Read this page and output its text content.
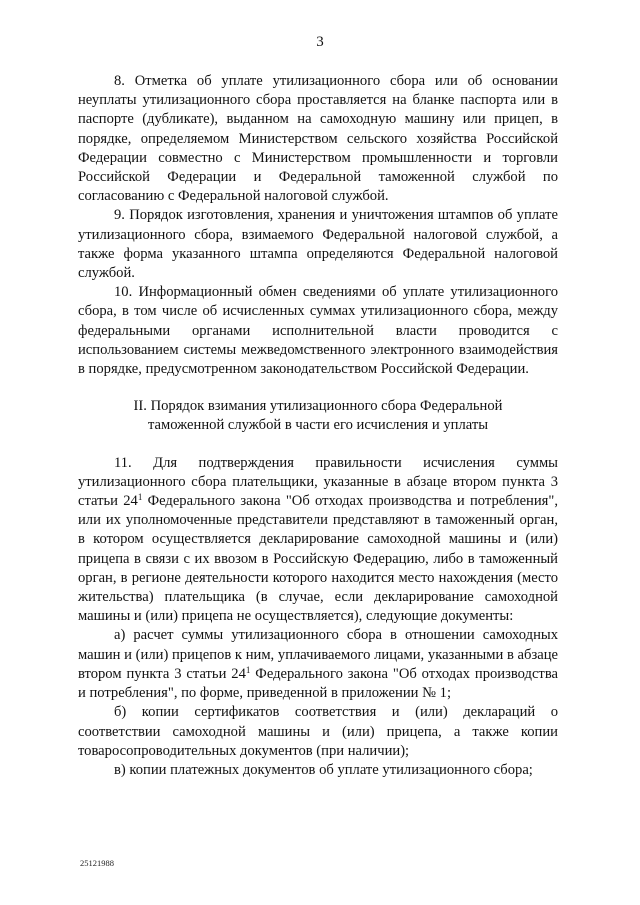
3

8. Отметка об уплате утилизационного сбора или об основании неуплаты утилизационного сбора проставляется на бланке паспорта или в паспорте (дубликате), выданном на самоходную машину или прицеп, в порядке, определяемом Министерством сельского хозяйства Российской Федерации совместно с Министерством промышленности и торговли Российской Федерации и Федеральной таможенной службой по согласованию с Федеральной налоговой службой.

9. Порядок изготовления, хранения и уничтожения штампов об уплате утилизационного сбора, взимаемого Федеральной налоговой службой, а также форма указанного штампа определяются Федеральной налоговой службой.

10. Информационный обмен сведениями об уплате утилизационного сбора, в том числе об исчисленных суммах утилизационного сбора, между федеральными органами исполнительной власти проводится с использованием системы межведомственного электронного взаимодействия в порядке, предусмотренном законодательством Российской Федерации.

II. Порядок взимания утилизационного сбора Федеральной
таможенной службой в части его исчисления и уплаты

11. Для подтверждения правильности исчисления суммы утилизационного сбора плательщики, указанные в абзаце втором пункта 3 статьи $24^1$ Федерального закона "Об отходах производства и потребления", или их уполномоченные представители представляют в таможенный орган, в котором осуществляется декларирование самоходной машины и (или) прицепа в связи с их ввозом в Российскую Федерацию, либо в таможенный орган, в регионе деятельности которого находится место нахождения (место жительства) плательщика (в случае, если декларирование самоходной машины и (или) прицепа не осуществляется), следующие документы:

а) расчет суммы утилизационного сбора в отношении самоходных машин и (или) прицепов к ним, уплачиваемого лицами, указанными в абзаце втором пункта 3 статьи $24^1$ Федерального закона "Об отходах производства и потребления", по форме, приведенной в приложении № 1;

б) копии сертификатов соответствия и (или) деклараций о соответствии самоходной машины и (или) прицепа, а также копии товаросопроводительных документов (при наличии);

в) копии платежных документов об уплате утилизационного сбора;

25121988
